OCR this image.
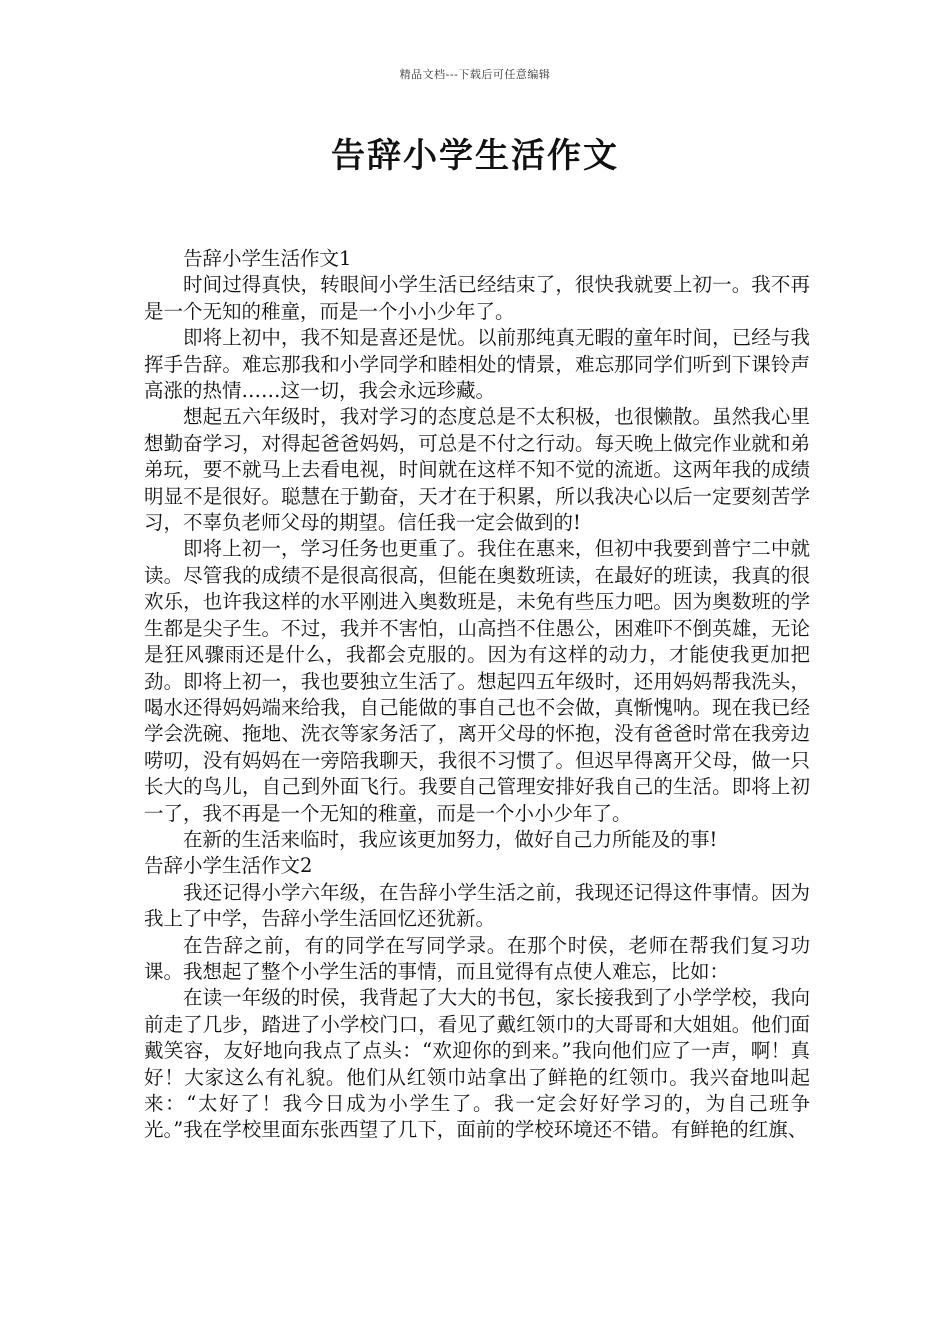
精品文档---下载后可任意编辑
告辞小学生活作文

告辞小学生活作文1

时间过得真快，转眼间小学生活已经结束了，很快我就要上初一。我不再是一个无知的稚童，而是一个小小少年了。

即将上初中，我不知是喜还是忧。以前那纯真无暇的童年时间，已经与我挥手告辞。难忘那我和小学同学和睦相处的情景，难忘那同学们听到下课铃声高涨的热情……这一切，我会永远珍藏。

想起五六年级时，我对学习的态度总是不太积极，也很懒散。虽然我心里想勤奋学习，对得起爸爸妈妈，可总是不付之行动。每天晚上做完作业就和弟弟玩，要不就马上去看电视，时间就在这样不知不觉的流逝。这两年我的成绩明显不是很好。聪慧在于勤奋，天才在于积累，所以我决心以后一定要刻苦学习，不辜负老师父母的期望。信任我一定会做到的!

即将上初一，学习任务也更重了。我住在惠来，但初中我要到普宁二中就读。尽管我的成绩不是很高很高，但能在奥数班读，在最好的班读，我真的很欢乐，也许我这样的水平刚进入奥数班是，未免有些压力吧。因为奥数班的学生都是尖子生。不过，我并不害怕，山高挡不住愚公，困难吓不倒英雄，无论是狂风骤雨还是什么，我都会克服的。因为有这样的动力，才能使我更加把劲。即将上初一，我也要独立生活了。想起四五年级时，还用妈妈帮我洗头，喝水还得妈妈端来给我，自己能做的事自己也不会做，真惭愧呐。现在我已经学会洗碗、拖地、洗衣等家务活了，离开父母的怀抱，没有爸爸时常在我旁边唠叨，没有妈妈在一旁陪我聊天，我很不习惯了。但迟早得离开父母，做一只长大的鸟儿，自己到外面飞行。我要自己管理安排好我自己的生活。即将上初一了，我不再是一个无知的稚童，而是一个小小少年了。

在新的生活来临时，我应该更加努力，做好自己力所能及的事!

告辞小学生活作文2

我还记得小学六年级，在告辞小学生活之前，我现还记得这件事情。因为我上了中学，告辞小学生活回忆还犹新。

在告辞之前，有的同学在写同学录。在那个时侯，老师在帮我们复习功课。我想起了整个小学生活的事情，而且觉得有点使人难忘，比如：

在读一年级的时侯，我背起了大大的书包，家长接我到了小学学校，我向前走了几步，踏进了小学校门口，看见了戴红领巾的大哥哥和大姐姐。他们面戴笑容，友好地向我点了点头：“欢迎你的到来。”我向他们应了一声，啊！真好！大家这么有礼貌。他们从红领巾站拿出了鲜艳的红领巾。我兴奋地叫起来：“太好了！我今日成为小学生了。我一定会好好学习的，为自己班争光。”我在学校里面东张西望了几下，面前的学校环境还不错。有鲜艳的红旗、
